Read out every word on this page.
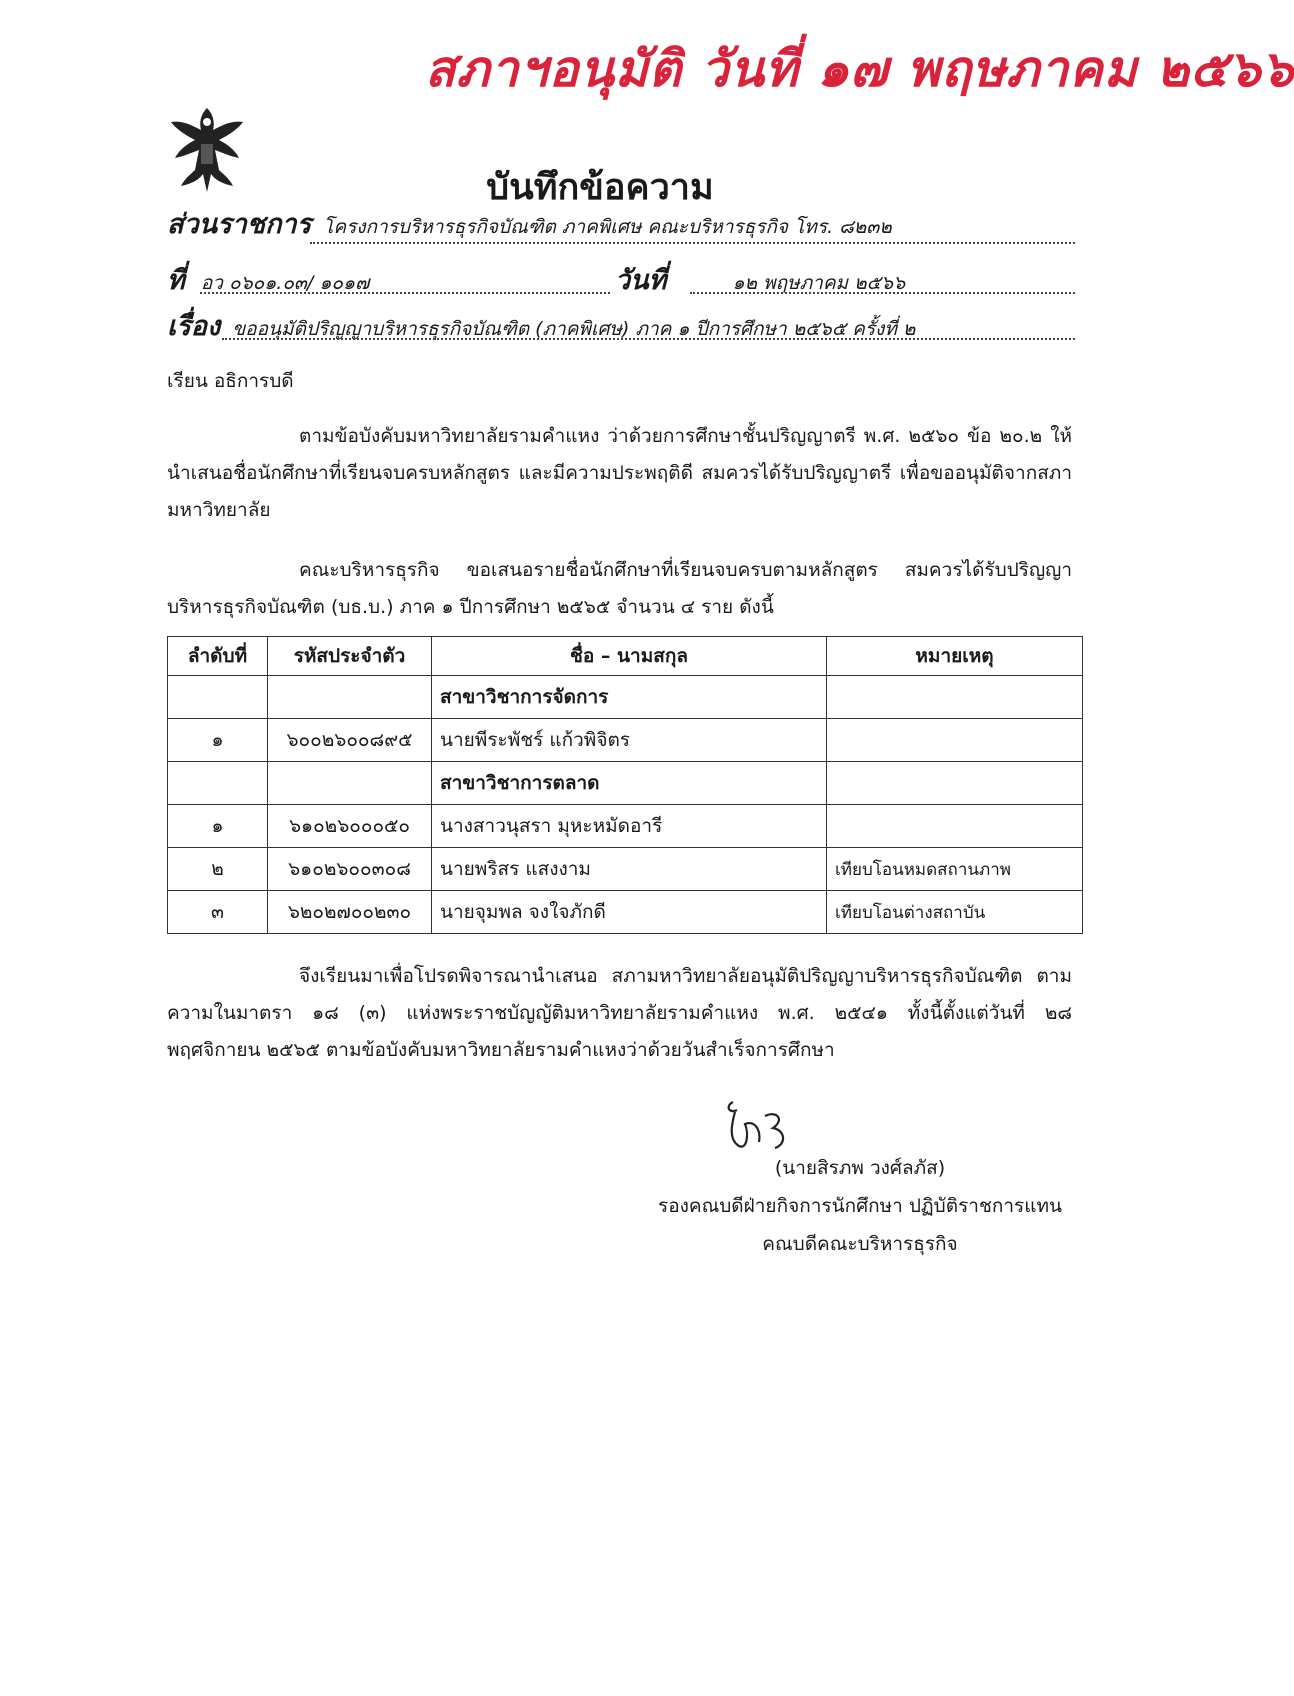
สภาฯอนุมัติ วันที่ ๑๗ พฤษภาคม ๒๕๖๖
บันทึกข้อความ
ส่วนราชการ โครงการบริหารธุรกิจบัณฑิต ภาคพิเศษ คณะบริหารธุรกิจ โทร. ๘๒๓๒
ที่ อว ๐๖๐๑.๐๓/ ๑๐๑๗	วันที่	๑๒ พฤษภาคม ๒๕๖๖
เรื่อง ขออนุมัติปริญญาบริหารธุรกิจบัณฑิต (ภาคพิเศษ) ภาค ๑ ปีการศึกษา ๒๕๖๕ ครั้งที่ ๒
เรียน อธิการบดี
ตามข้อบังคับมหาวิทยาลัยรามคำแหง ว่าด้วยการศึกษาชั้นปริญญาตรี พ.ศ. ๒๕๖๐ ข้อ ๒๐.๒ ให้นำเสนอชื่อนักศึกษาที่เรียนจบครบหลักสูตร และมีความประพฤติดี สมควรได้รับปริญญาตรี เพื่อขออนุมัติจากสภามหาวิทยาลัย
คณะบริหารธุรกิจ ขอเสนอรายชื่อนักศึกษาที่เรียนจบครบตามหลักสูตร สมควรได้รับปริญญาบริหารธุรกิจบัณฑิต (บธ.บ.) ภาค ๑ ปีการศึกษา ๒๕๖๕ จำนวน ๔ ราย ดังนี้
ลำดับที่	รหัสประจำตัว	ชื่อ – นามสกุล	หมายเหตุ
		สาขาวิชาการจัดการ	
๑	๖๐๐๒๖๐๐๘๙๕	นายพีระพัชร์ แก้วพิจิตร	
		สาขาวิชาการตลาด	
๑	๖๑๐๒๖๐๐๐๕๐	นางสาวนุสรา มุหะหมัดอารี	
๒	๖๑๐๒๖๐๐๓๐๘	นายพริสร แสงงาม	เทียบโอนหมดสถานภาพ
๓	๖๒๐๒๗๐๐๒๓๐	นายจุมพล จงใจภักดี	เทียบโอนต่างสถาบัน
จึงเรียนมาเพื่อโปรดพิจารณานำเสนอ สภามหาวิทยาลัยอนุมัติปริญญาบริหารธุรกิจบัณฑิต ตามความในมาตรา ๑๘ (๓) แห่งพระราชบัญญัติมหาวิทยาลัยรามคำแหง พ.ศ. ๒๕๔๑ ทั้งนี้ตั้งแต่วันที่ ๒๘ พฤศจิกายน ๒๕๖๕ ตามข้อบังคับมหาวิทยาลัยรามคำแหงว่าด้วยวันสำเร็จการศึกษา
(นายสิรภพ วงศ์ลภัส)
รองคณบดีฝ่ายกิจการนักศึกษา ปฏิบัติราชการแทน
คณบดีคณะบริหารธุรกิจ
